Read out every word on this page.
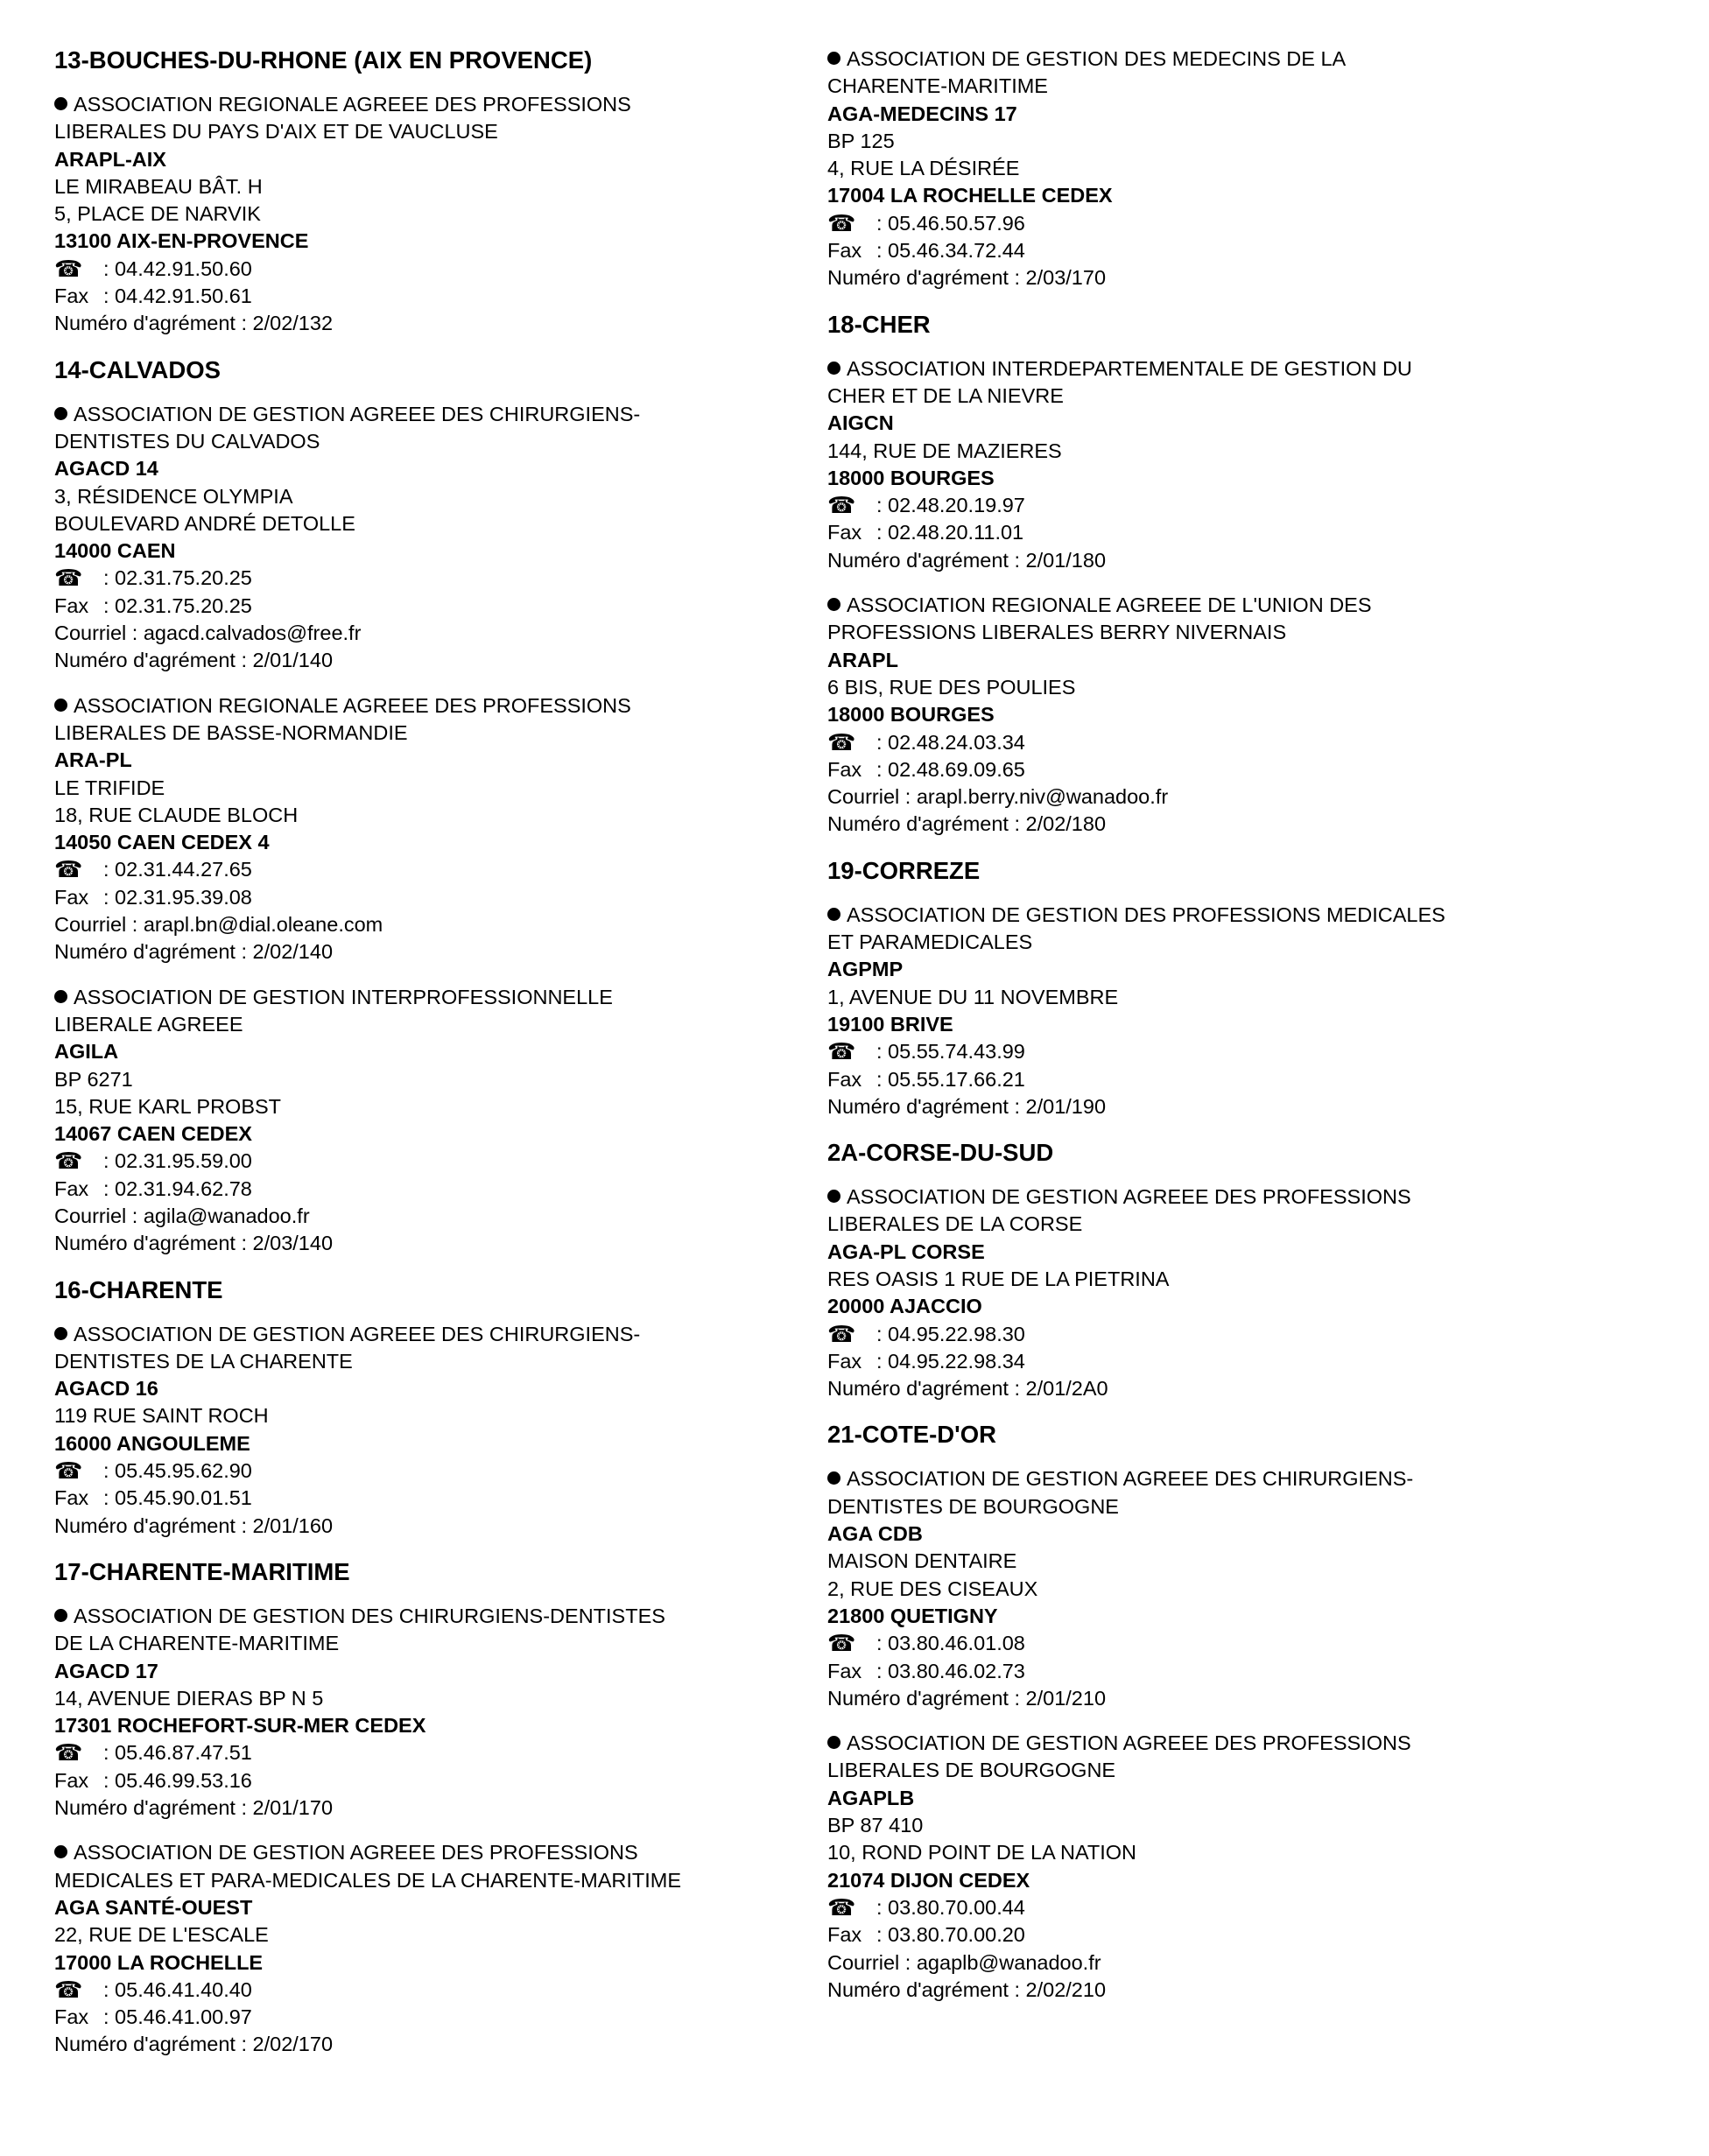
13-BOUCHES-DU-RHONE (AIX EN PROVENCE)
ASSOCIATION REGIONALE AGREEE DES PROFESSIONS
LIBERALES DU PAYS D'AIX ET DE VAUCLUSE
ARAPL-AIX
LE MIRABEAU BÂT. H
5, PLACE DE NARVIK
13100 AIX-EN-PROVENCE
☎ : 04.42.91.50.60
Fax : 04.42.91.50.61
Numéro d'agrément : 2/02/132
14-CALVADOS
ASSOCIATION DE GESTION AGREEE DES CHIRURGIENS-
DENTISTES DU CALVADOS
AGACD 14
3, RÉSIDENCE OLYMPIA
BOULEVARD ANDRÉ DETOLLE
14000 CAEN
☎ : 02.31.75.20.25
Fax : 02.31.75.20.25
Courriel : agacd.calvados@free.fr
Numéro d'agrément : 2/01/140
ASSOCIATION REGIONALE AGREEE DES PROFESSIONS
LIBERALES DE BASSE-NORMANDIE
ARA-PL
LE TRIFIDE
18, RUE CLAUDE BLOCH
14050 CAEN CEDEX 4
☎ : 02.31.44.27.65
Fax : 02.31.95.39.08
Courriel : arapl.bn@dial.oleane.com
Numéro d'agrément : 2/02/140
ASSOCIATION DE GESTION INTERPROFESSIONNELLE
LIBERALE AGREEE
AGILA
BP 6271
15, RUE KARL PROBST
14067 CAEN CEDEX
☎ : 02.31.95.59.00
Fax : 02.31.94.62.78
Courriel : agila@wanadoo.fr
Numéro d'agrément : 2/03/140
16-CHARENTE
ASSOCIATION DE GESTION AGREEE DES CHIRURGIENS-
DENTISTES DE LA CHARENTE
AGACD 16
119 RUE SAINT ROCH
16000 ANGOULEME
☎ : 05.45.95.62.90
Fax : 05.45.90.01.51
Numéro d'agrément : 2/01/160
17-CHARENTE-MARITIME
ASSOCIATION DE GESTION DES CHIRURGIENS-DENTISTES
DE LA CHARENTE-MARITIME
AGACD 17
14, AVENUE DIERAS BP N 5
17301 ROCHEFORT-SUR-MER CEDEX
☎ : 05.46.87.47.51
Fax : 05.46.99.53.16
Numéro d'agrément : 2/01/170
ASSOCIATION DE GESTION AGREEE DES PROFESSIONS
MEDICALES ET PARA-MEDICALES DE LA CHARENTE-MARITIME
AGA SANTÉ-OUEST
22, RUE DE L'ESCALE
17000 LA ROCHELLE
☎ : 05.46.41.40.40
Fax : 05.46.41.00.97
Numéro d'agrément : 2/02/170
ASSOCIATION DE GESTION DES MEDECINS DE LA
CHARENTE-MARITIME
AGA-MEDECINS 17
BP 125
4, RUE LA DÉSIRÉE
17004 LA ROCHELLE CEDEX
☎ : 05.46.50.57.96
Fax : 05.46.34.72.44
Numéro d'agrément : 2/03/170
18-CHER
ASSOCIATION INTERDEPARTEMENTALE DE GESTION DU
CHER ET DE LA NIEVRE
AIGCN
144, RUE DE MAZIERES
18000 BOURGES
☎ : 02.48.20.19.97
Fax : 02.48.20.11.01
Numéro d'agrément : 2/01/180
ASSOCIATION REGIONALE AGREEE DE L'UNION DES
PROFESSIONS LIBERALES BERRY NIVERNAIS
ARAPL
6 BIS, RUE DES POULIES
18000 BOURGES
☎ : 02.48.24.03.34
Fax : 02.48.69.09.65
Courriel : arapl.berry.niv@wanadoo.fr
Numéro d'agrément : 2/02/180
19-CORREZE
ASSOCIATION DE GESTION DES PROFESSIONS MEDICALES
ET PARAMEDICALES
AGPMP
1, AVENUE DU 11 NOVEMBRE
19100 BRIVE
☎ : 05.55.74.43.99
Fax : 05.55.17.66.21
Numéro d'agrément : 2/01/190
2A-CORSE-DU-SUD
ASSOCIATION DE GESTION AGREEE DES PROFESSIONS
LIBERALES DE LA CORSE
AGA-PL CORSE
RES OASIS 1 RUE DE LA PIETRINA
20000 AJACCIO
☎ : 04.95.22.98.30
Fax : 04.95.22.98.34
Numéro d'agrément : 2/01/2A0
21-COTE-D'OR
ASSOCIATION DE GESTION AGREEE DES CHIRURGIENS-
DENTISTES DE BOURGOGNE
AGA CDB
MAISON DENTAIRE
2, RUE DES CISEAUX
21800 QUETIGNY
☎ : 03.80.46.01.08
Fax : 03.80.46.02.73
Numéro d'agrément : 2/01/210
ASSOCIATION DE GESTION AGREEE DES PROFESSIONS
LIBERALES DE BOURGOGNE
AGAPLB
BP 87 410
10, ROND POINT DE LA NATION
21074 DIJON CEDEX
☎ : 03.80.70.00.44
Fax : 03.80.70.00.20
Courriel : agaplb@wanadoo.fr
Numéro d'agrément : 2/02/210
